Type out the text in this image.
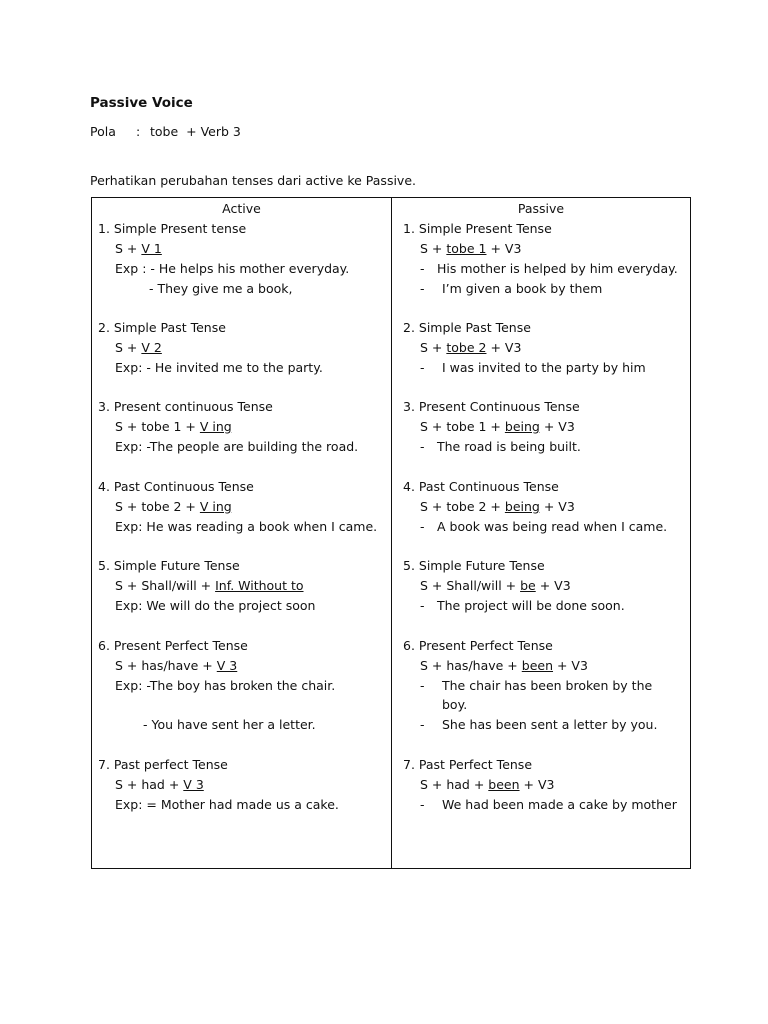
Passive Voice
Pola : tobe  + Verb 3
Perhatikan perubahan tenses dari active ke Passive.
Active	Passive
1. Simple Present tense
S + V 1
Exp : - He helps his mother everyday.
- They give me a book,
2. Simple Past Tense
S + V 2
Exp: - He invited me to the party.
3. Present continuous Tense
S + tobe 1 + V ing
Exp: -The people are building the road.
4. Past Continuous Tense
S + tobe 2 + V ing
Exp: He was reading a book when I came.
5. Simple Future Tense
S + Shall/will + Inf. Without to
Exp: We will do the project soon
6. Present Perfect Tense
S + has/have + V 3
Exp: -The boy has broken the chair.
- You have sent her a letter.
7. Past perfect Tense
S + had + V 3
Exp: = Mother had made us a cake.
1. Simple Present Tense
S + tobe 1 + V3
- His mother is helped by him everyday.
- I’m given a book by them
2. Simple Past Tense
S + tobe 2 + V3
- I was invited to the party by him
3. Present Continuous Tense
S + tobe 1 + being + V3
- The road is being built.
4. Past Continuous Tense
S + tobe 2 + being + V3
- A book was being read when I came.
5. Simple Future Tense
S + Shall/will + be + V3
- The project will be done soon.
6. Present Perfect Tense
S + has/have + been + V3
- The chair has been broken by the
boy.
- She has been sent a letter by you.
7. Past Perfect Tense
S + had + been + V3
- We had been made a cake by mother
